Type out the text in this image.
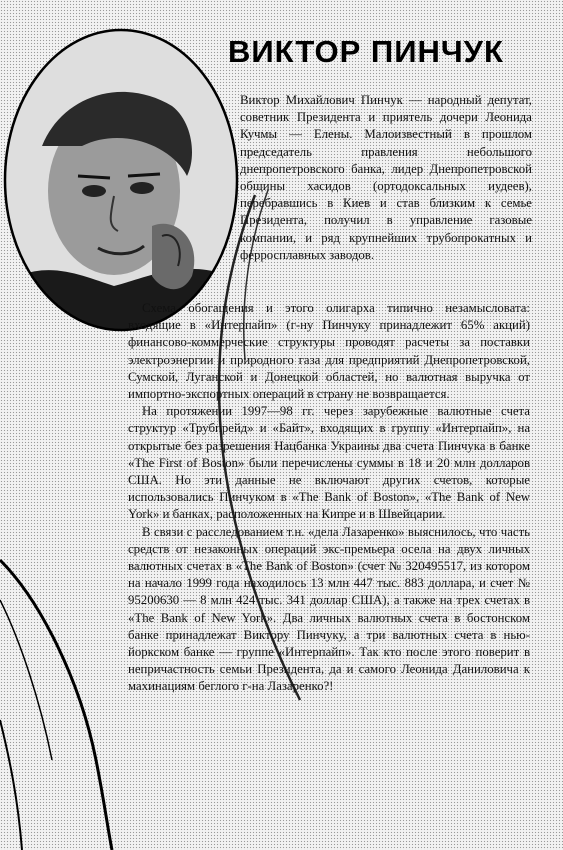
ВИКТОР ПИНЧУК

Виктор Михайлович Пинчук — народный депутат, советник Президента и приятель дочери Леонида Кучмы — Елены. Малоизвестный в прошлом председатель правления небольшого днепропетровского банка, лидер Днепропетровской общины хасидов (ортодоксальных иудеев), перебравшись в Киев и став близким к семье Президента, получил в управление газовые компании, и ряд крупнейших трубопрокатных и ферросплавных заводов.

Схема обогащения и этого олигарха типично незамысловата: входящие в «Интерпайп» (г-ну Пинчуку принадлежит 65% акций) финансово-коммерческие структуры проводят расчеты за поставки электроэнергии и природного газа для предприятий Днепропетровской, Сумской, Луганской и Донецкой областей, но валютная выручка от импортно-экспортных операций в страну не возвращается.

На протяжении 1997—98 гг. через зарубежные валютные счета структур «Трубпрейд» и «Байт», входящих в группу «Интерпайп», на открытые без разрешения Нацбанка Украины два счета Пинчука в банке «The First of Boston» были перечислены суммы в 18 и 20 млн долларов США. Но эти данные не включают других счетов, которые использовались Пинчуком в «The Bank of Boston», «The Bank of New York» и банках, расположенных на Кипре и в Швейцарии.

В связи с расследованием т.н. «дела Лазаренко» выяснилось, что часть средств от незаконных операций экс-премьера осела на двух личных валютных счетах в «The Bank of Boston» (счет № 320495517, из котором на начало 1999 года находилось 13 млн 447 тыс. 883 доллара, и счет № 95200630 — 8 млн 424 тыс. 341 доллар США), а также на трех счетах в «The Bank of New York». Два личных валютных счета в бостонском банке принадлежат Виктору Пинчуку, а три валютных счета в нью-йоркском банке — группе «Интерпайп». Так кто после этого поверит в непричастность семьи Президента, да и самого Леонида Даниловича к махинациям беглого г-на Лазаренко?!
